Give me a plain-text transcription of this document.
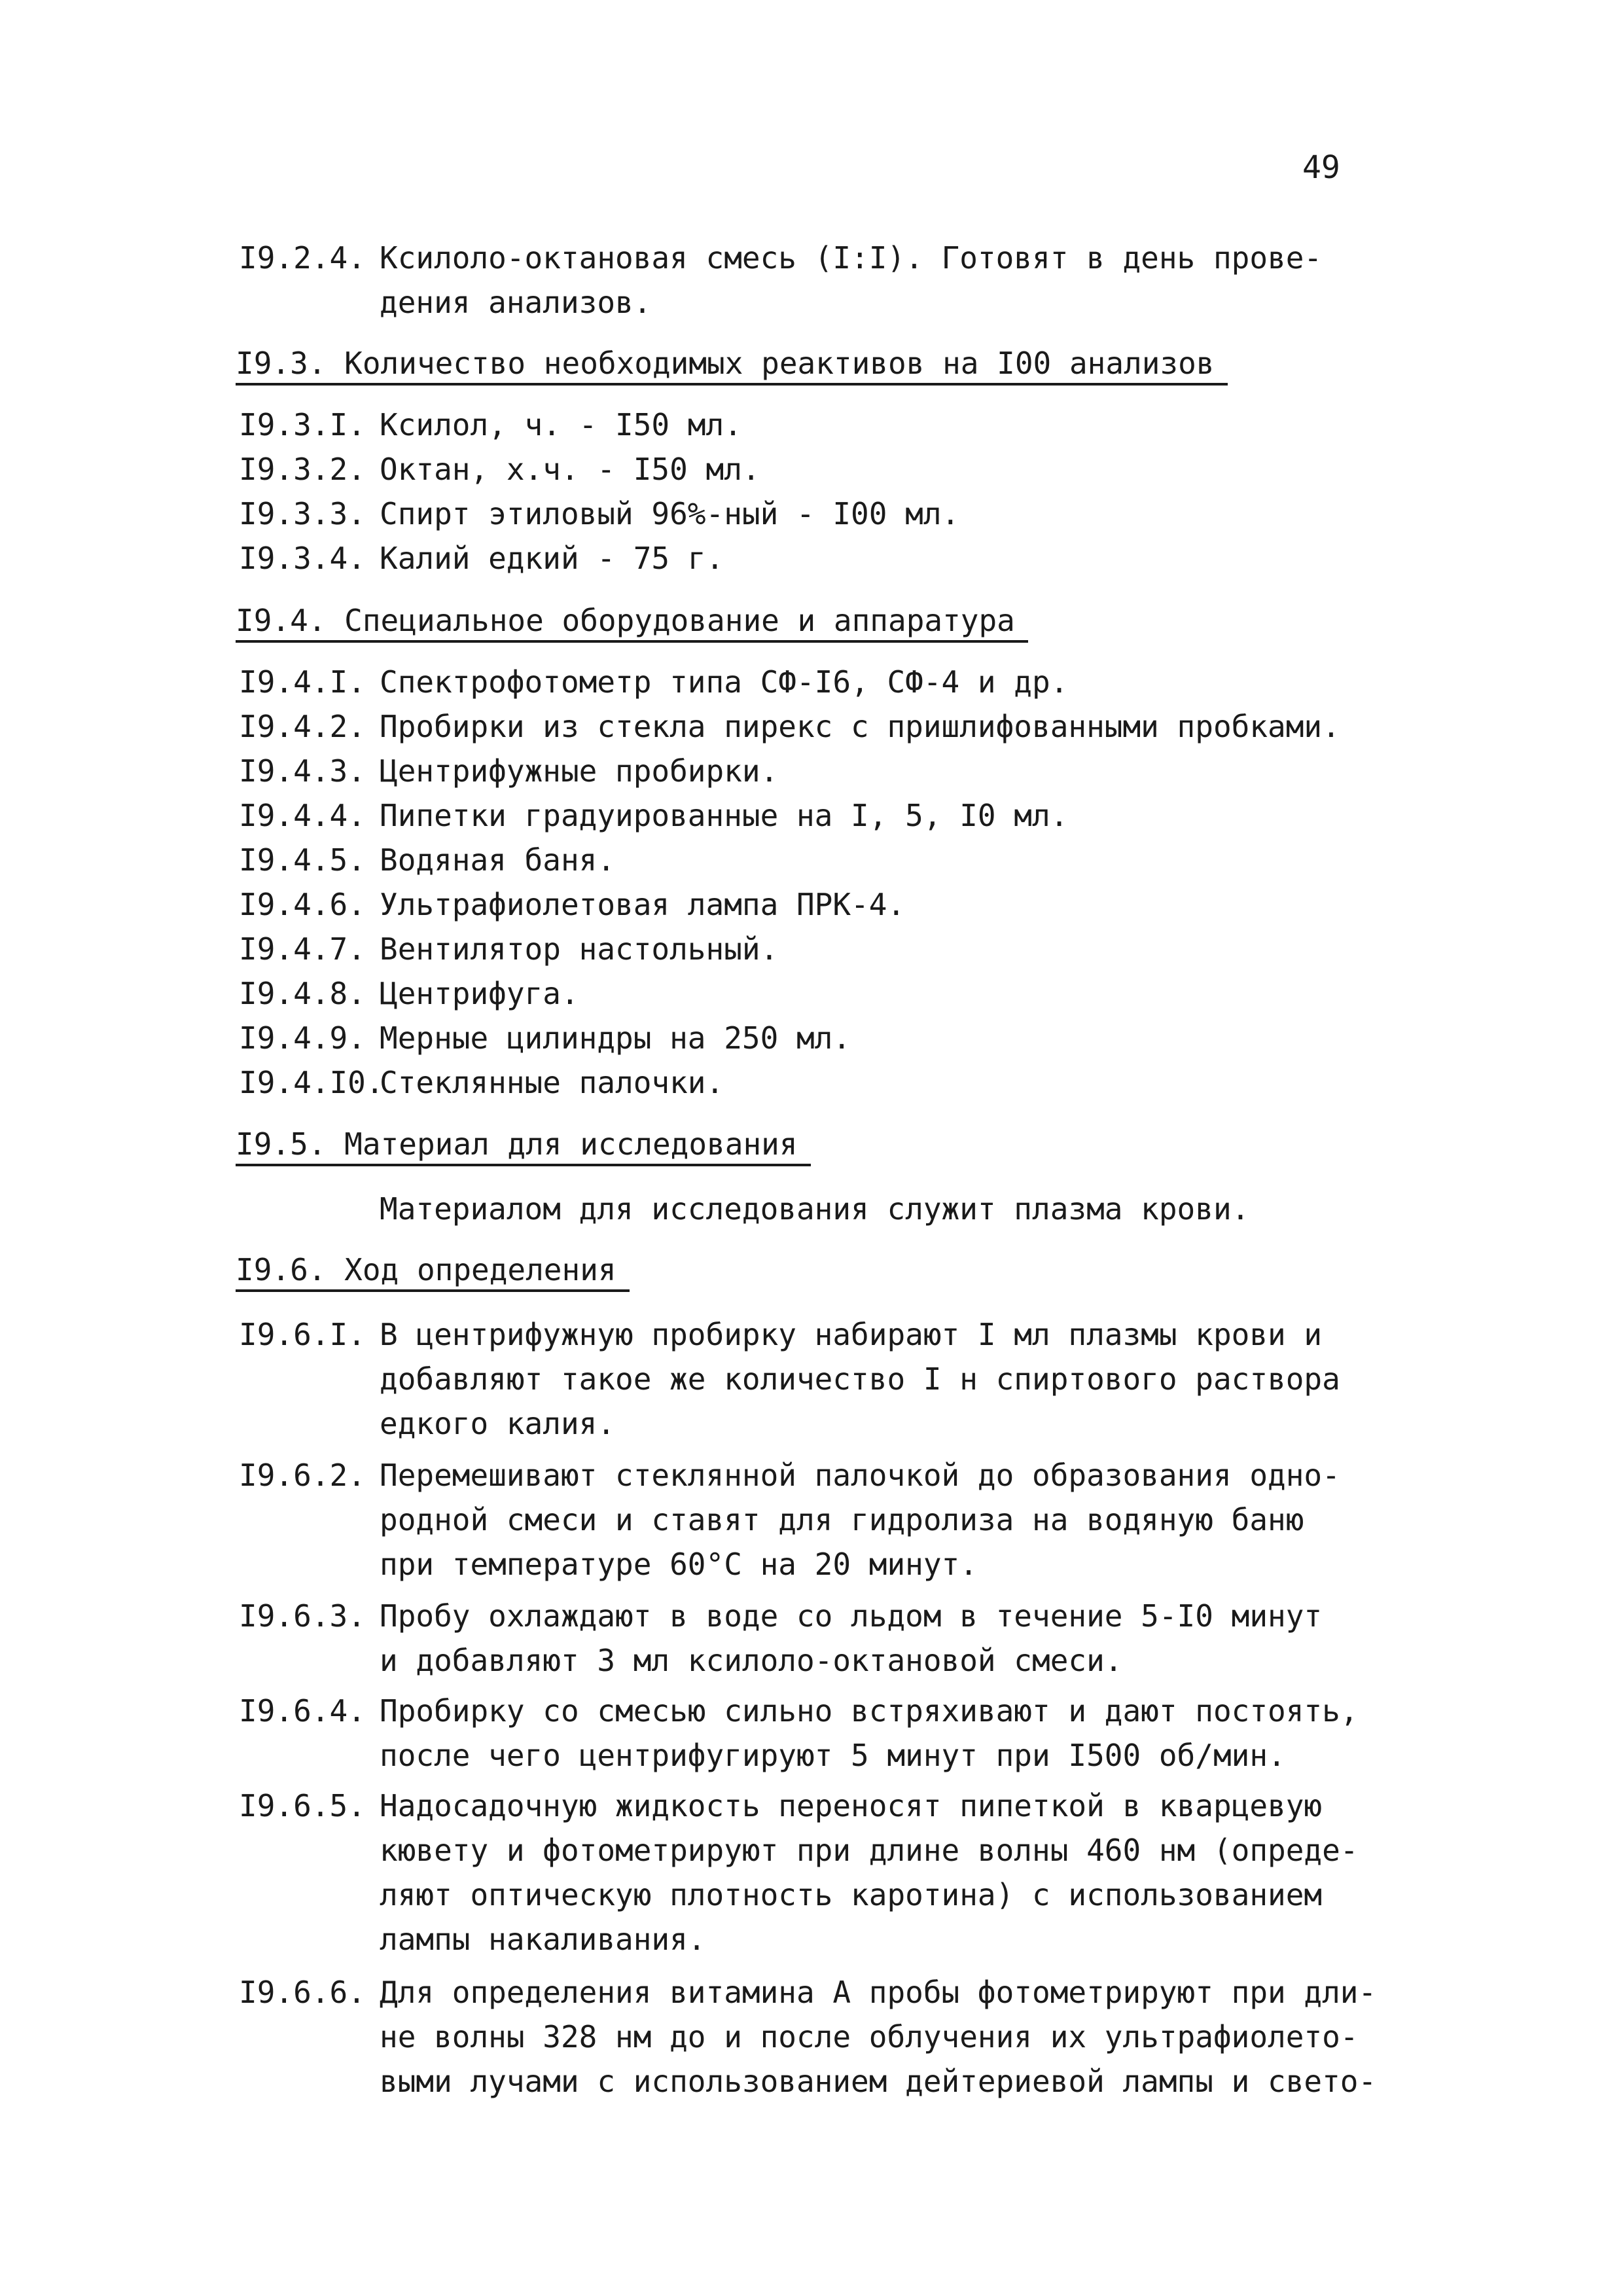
49
I9.2.4. Ксилоло-октановая смесь (I:I). Готовят в день прове-
дения анализов.
I9.3. Количество необходимых реактивов на I00 анализов
I9.3.I. Ксилол, ч. - I50 мл.
I9.3.2. Октан, х.ч. - I50 мл.
I9.3.3. Спирт этиловый 96%-ный - I00 мл.
I9.3.4. Калий едкий - 75 г.
I9.4. Специальное оборудование и аппаратура
I9.4.I. Спектрофотометр типа СФ-I6, СФ-4 и др.
I9.4.2. Пробирки из стекла пирекс с пришлифованными пробками.
I9.4.3. Центрифужные пробирки.
I9.4.4. Пипетки градуированные на I, 5, I0 мл.
I9.4.5. Водяная баня.
I9.4.6. Ультрафиолетовая лампа ПРК-4.
I9.4.7. Вентилятор настольный.
I9.4.8. Центрифуга.
I9.4.9. Мерные цилиндры на 250 мл.
I9.4.I0.
Стеклянные палочки.
I9.5. Материал для исследования
Материалом для исследования служит плазма крови.
I9.6. Ход определения
I9.6.I. В центрифужную пробирку набирают I мл плазмы крови и
добавляют такое же количество I н спиртового раствора
едкого калия.
I9.6.2. Перемешивают стеклянной палочкой до образования одно-
родной смеси и ставят для гидролиза на водяную баню
при температуре 60°С на 20 минут.
I9.6.3. Пробу охлаждают в воде со льдом в течение 5-I0 минут
и добавляют 3 мл ксилоло-октановой смеси.
I9.6.4. Пробирку со смесью сильно встряхивают и дают постоять,
после чего центрифугируют 5 минут при I500 об/мин.
I9.6.5. Надосадочную жидкость переносят пипеткой в кварцевую
кювету и фотометрируют при длине волны 460 нм (опреде-
ляют оптическую плотность каротина) с использованием
лампы накаливания.
I9.6.6. Для определения витамина А пробы фотометрируют при дли-
не волны 328 нм до и после облучения их ультрафиолето-
выми лучами с использованием дейтериевой лампы и свето-
